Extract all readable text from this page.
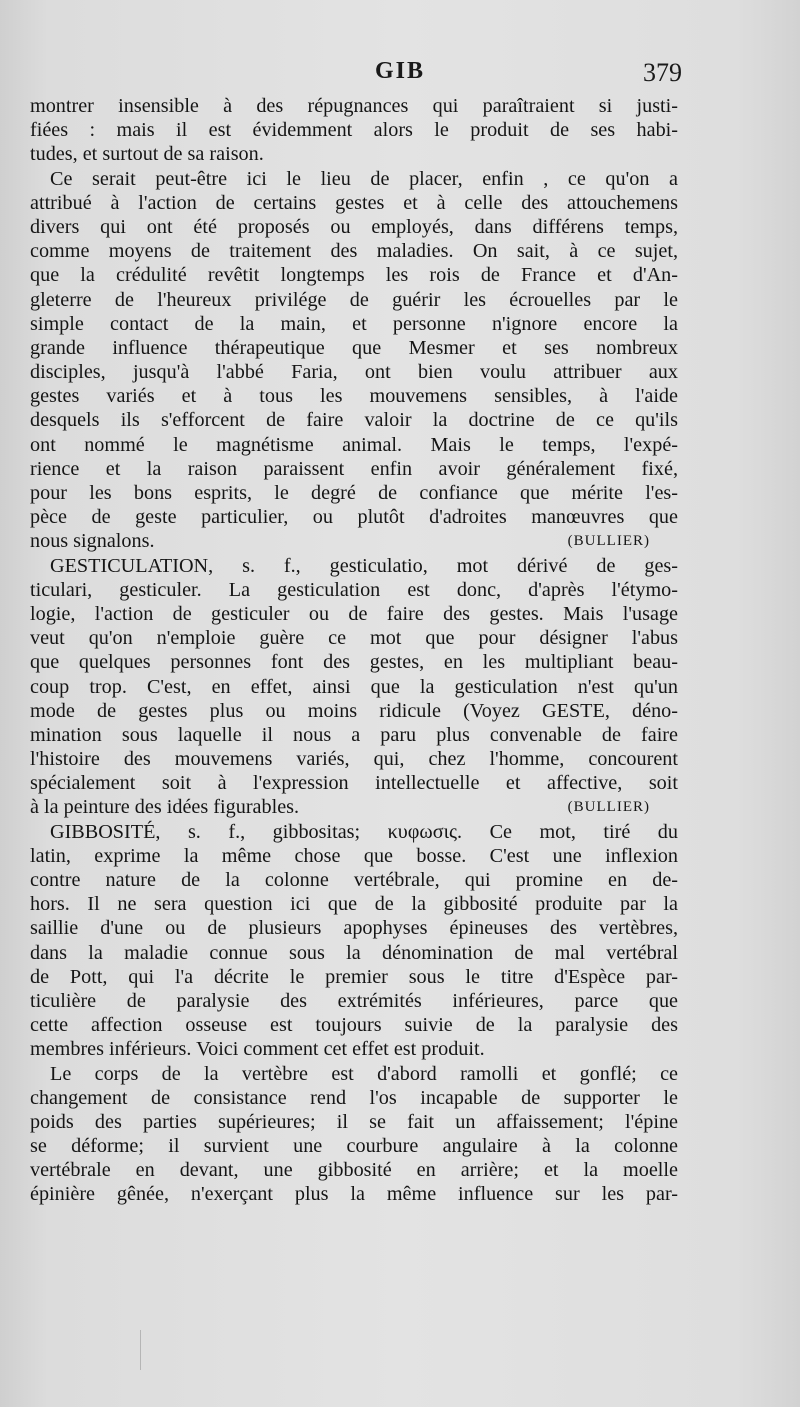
GIB	379
montrer insensible à des répugnances qui paraîtraient si justi-
fiées : mais il est évidemment alors le produit de ses habi-
tudes, et surtout de sa raison.
Ce serait peut-être ici le lieu de placer, enfin , ce qu'on a
attribué à l'action de certains gestes et à celle des attouchemens
divers qui ont été proposés ou employés, dans différens temps,
comme moyens de traitement des maladies. On sait, à ce sujet,
que la crédulité revêtit longtemps les rois de France et d'An-
gleterre de l'heureux privilége de guérir les écrouelles par le
simple contact de la main, et personne n'ignore encore la
grande influence thérapeutique que Mesmer et ses nombreux
disciples, jusqu'à l'abbé Faria, ont bien voulu attribuer aux
gestes variés et à tous les mouvemens sensibles, à l'aide
desquels ils s'efforcent de faire valoir la doctrine de ce qu'ils
ont nommé le magnétisme animal. Mais le temps, l'expé-
rience et la raison paraissent enfin avoir généralement fixé,
pour les bons esprits, le degré de confiance que mérite l'es-
pèce de geste particulier, ou plutôt d'adroites manœuvres que
nous signalons.	(BULLIER)
GESTICULATION, s. f., gesticulatio, mot dérivé de ges-
ticulari, gesticuler. La gesticulation est donc, d'après l'étymo-
logie, l'action de gesticuler ou de faire des gestes. Mais l'usage
veut qu'on n'emploie guère ce mot que pour désigner l'abus
que quelques personnes font des gestes, en les multipliant beau-
coup trop. C'est, en effet, ainsi que la gesticulation n'est qu'un
mode de gestes plus ou moins ridicule (Voyez GESTE, déno-
mination sous laquelle il nous a paru plus convenable de faire
l'histoire des mouvemens variés, qui, chez l'homme, concourent
spécialement soit à l'expression intellectuelle et affective, soit
à la peinture des idées figurables.	(BULLIER)
GIBBOSITÉ, s. f., gibbositas; κυφωσις. Ce mot, tiré du
latin, exprime la même chose que bosse. C'est une inflexion
contre nature de la colonne vertébrale, qui promine en de-
hors. Il ne sera question ici que de la gibbosité produite par la
saillie d'une ou de plusieurs apophyses épineuses des vertèbres,
dans la maladie connue sous la dénomination de mal vertébral
de Pott, qui l'a décrite le premier sous le titre d'Espèce par-
ticulière de paralysie des extrémités inférieures, parce que
cette affection osseuse est toujours suivie de la paralysie des
membres inférieurs. Voici comment cet effet est produit.
Le corps de la vertèbre est d'abord ramolli et gonflé; ce
changement de consistance rend l'os incapable de supporter le
poids des parties supérieures; il se fait un affaissement; l'épine
se déforme; il survient une courbure angulaire à la colonne
vertébrale en devant, une gibbosité en arrière; et la moelle
épinière gênée, n'exerçant plus la même influence sur les par-
